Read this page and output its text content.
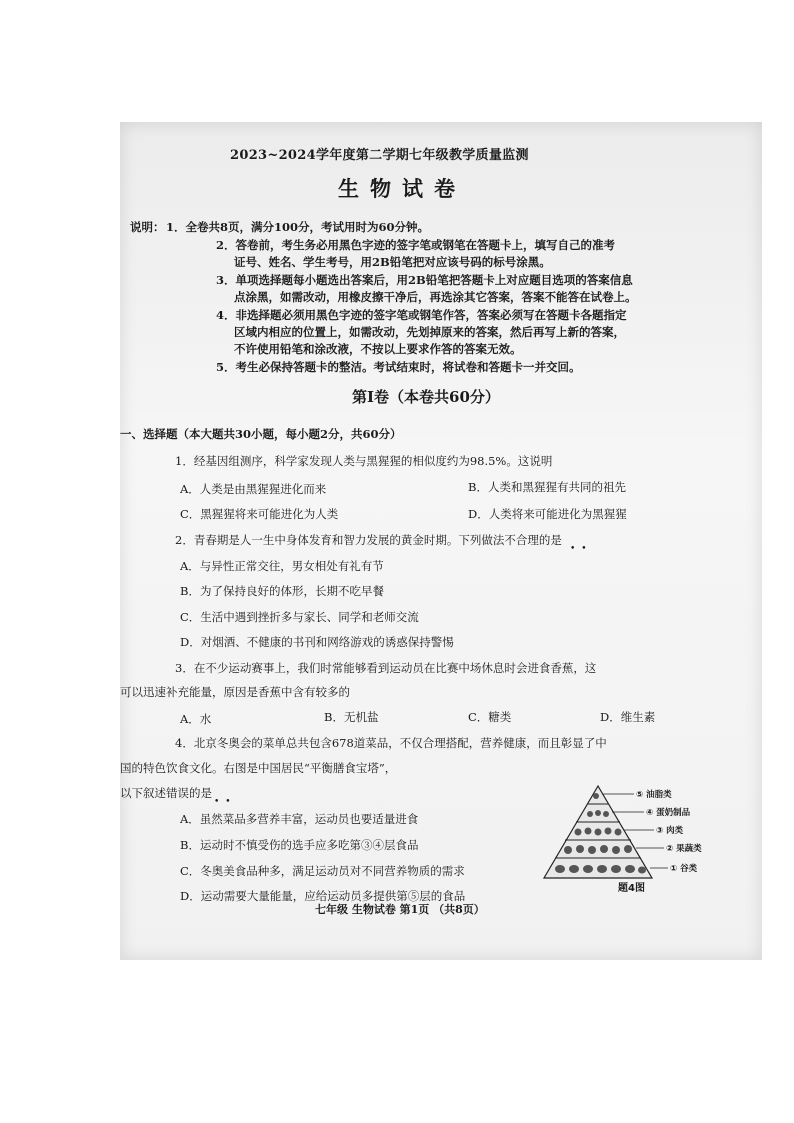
2023~2024学年度第二学期七年级教学质量监测
生物试卷
说明： 1．全卷共8页，满分100分，考试用时为60分钟。
2．答卷前，考生务必用黑色字迹的签字笔或钢笔在答题卡上，填写自己的准考
证号、姓名、学生考号，用2B铅笔把对应该号码的标号涂黑。
3．单项选择题每小题选出答案后，用2B铅笔把答题卡上对应题目选项的答案信息
点涂黑，如需改动，用橡皮擦干净后，再选涂其它答案，答案不能答在试卷上。
4．非选择题必须用黑色字迹的签字笔或钢笔作答，答案必须写在答题卡各题指定
区域内相应的位置上，如需改动，先划掉原来的答案，然后再写上新的答案，
不许使用铅笔和涂改液，不按以上要求作答的答案无效。
5．考生必保持答题卡的整洁。考试结束时，将试卷和答题卡一并交回。
第Ⅰ卷（本卷共60分）
一、选择题（本大题共30小题，每小题2分，共60分）
1．经基因组测序，科学家发现人类与黑猩猩的相似度约为98.5%。这说明
A．人类是由黑猩猩进化而来	B．人类和黑猩猩有共同的祖先
C．黑猩猩将来可能进化为人类	D．人类将来可能进化为黑猩猩
2．青春期是人一生中身体发育和智力发展的黄金时期。下列做法不合理的是
••
A．与异性正常交往，男女相处有礼有节
B．为了保持良好的体形，长期不吃早餐
C．生活中遇到挫折多与家长、同学和老师交流
D．对烟酒、不健康的书刊和网络游戏的诱惑保持警惕
3．在不少运动赛事上，我们时常能够看到运动员在比赛中场休息时会进食香蕉，这
可以迅速补充能量，原因是香蕉中含有较多的
A．水	B．无机盐	C．糖类	D．维生素
4．北京冬奥会的菜单总共包含678道菜品，不仅合理搭配，营养健康，而且彰显了中
国的特色饮食文化。右图是中国居民“平衡膳食宝塔”，
以下叙述错误的是
••
A．虽然菜品多营养丰富，运动员也要适量进食
B．运动时不慎受伤的选手应多吃第③④层食品
C．冬奥美食品种多，满足运动员对不同营养物质的需求
D．运动需要大量能量，应给运动员多提供第⑤层的食品
⑤ 油脂类
④ 蛋奶制品
③ 肉类
② 果蔬类
① 谷类
题4图
七年级 生物试卷 第1页 （共8页）
